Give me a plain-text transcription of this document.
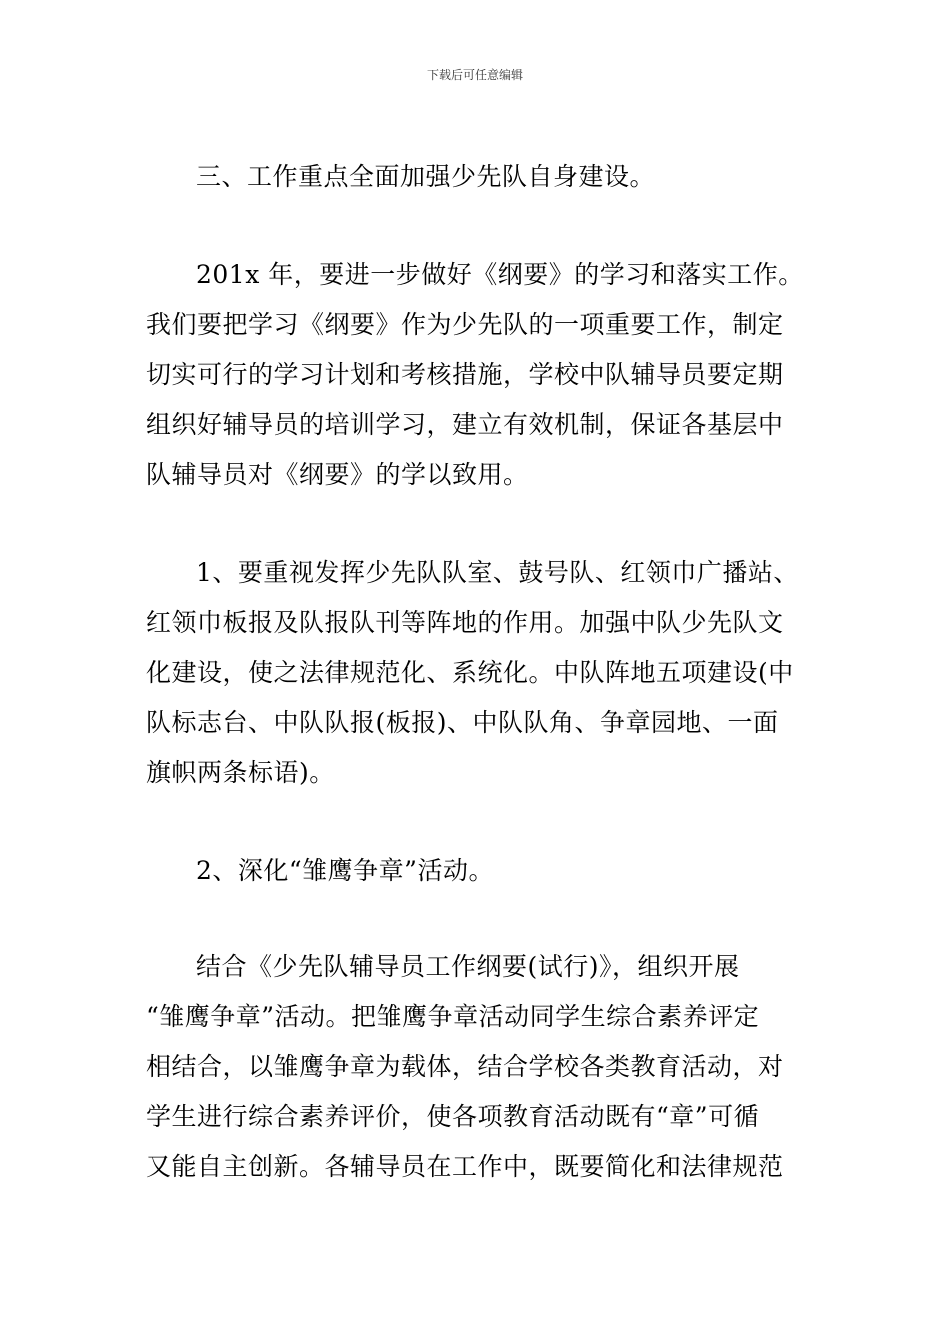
下载后可任意编辑
三、工作重点全面加强少先队自身建设。
201x 年，要进一步做好《纲要》的学习和落实工作。
我们要把学习《纲要》作为少先队的一项重要工作，制定
切实可行的学习计划和考核措施，学校中队辅导员要定期
组织好辅导员的培训学习，建立有效机制，保证各基层中
队辅导员对《纲要》的学以致用。
1、要重视发挥少先队队室、鼓号队、红领巾广播站、
红领巾板报及队报队刊等阵地的作用。加强中队少先队文
化建设，使之法律规范化、系统化。中队阵地五项建设(中
队标志台、中队队报(板报)、中队队角、争章园地、一面
旗帜两条标语)。
2、深化“雏鹰争章”活动。
结合《少先队辅导员工作纲要(试行)》，组织开展
“雏鹰争章”活动。把雏鹰争章活动同学生综合素养评定
相结合，以雏鹰争章为载体，结合学校各类教育活动，对
学生进行综合素养评价，使各项教育活动既有“章”可循
又能自主创新。各辅导员在工作中，既要简化和法律规范
